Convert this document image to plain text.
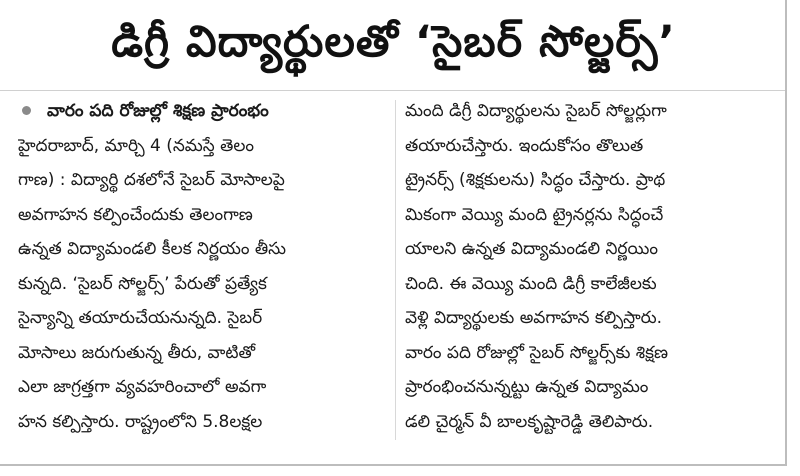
డిగ్రీ విద్యార్థులతో ‘సైబర్ సోల్జర్స్’
వారం పది రోజుల్లో శిక్షణ ప్రారంభం
హైదరాబాద్, మార్చి 4 (నమస్తే తెలం
గాణ) : విద్యార్థి దశలోనే సైబర్ మోసాలపై
అవగాహన కల్పించేందుకు తెలంగాణ
ఉన్నత విద్యామండలి కీలక నిర్ణయం తీసు
కున్నది. ‘సైబర్ సోల్జర్స్’ పేరుతో ప్రత్యేక
సైన్యాన్ని తయారుచేయనున్నది. సైబర్
మోసాలు జరుగుతున్న తీరు, వాటితో
ఎలా జాగ్రత్తగా వ్యవహరించాలో అవగా
హన కల్పిస్తారు. రాష్ట్రంలోని 5.8లక్షల
మంది డిగ్రీ విద్యార్థులను సైబర్ సోల్జర్లుగా
తయారుచేస్తారు. ఇందుకోసం తొలుత
ట్రైనర్స్ (శిక్షకులను) సిద్ధం చేస్తారు. ప్రాథ
మికంగా వెయ్యి మంది ట్రైనర్లను సిద్ధంచే
యాలని ఉన్నత విద్యామండలి నిర్ణయిం
చింది. ఈ వెయ్యి మంది డిగ్రీ కాలేజీలకు
వెళ్లి విద్యార్థులకు అవగాహన కల్పిస్తారు.
వారం పది రోజుల్లో సైబర్ సోల్జర్స్‌కు శిక్షణ
ప్రారంభించనున్నట్టు ఉన్నత విద్యామం
డలి చైర్మన్ వీ బాలకృష్టారెడ్డి తెలిపారు.
